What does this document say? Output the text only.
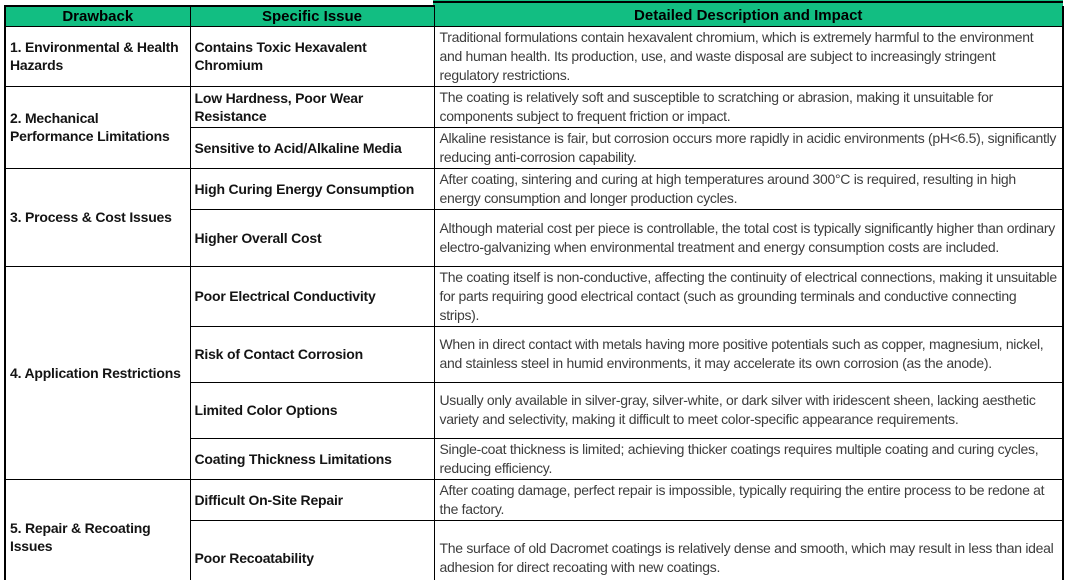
Drawback	Specific Issue	Detailed Description and Impact
1. Environmental & Health Hazards	Contains Toxic Hexavalent Chromium	Traditional formulations contain hexavalent chromium, which is extremely harmful to the environment and human health. Its production, use, and waste disposal are subject to increasingly stringent regulatory restrictions.
2. Mechanical Performance Limitations	Low Hardness, Poor Wear Resistance	The coating is relatively soft and susceptible to scratching or abrasion, making it unsuitable for components subject to frequent friction or impact.
	Sensitive to Acid/Alkaline Media	Alkaline resistance is fair, but corrosion occurs more rapidly in acidic environments (pH<6.5), significantly reducing anti-corrosion capability.
3. Process & Cost Issues	High Curing Energy Consumption	After coating, sintering and curing at high temperatures around 300°C is required, resulting in high energy consumption and longer production cycles.
	Higher Overall Cost	Although material cost per piece is controllable, the total cost is typically significantly higher than ordinary electro-galvanizing when environmental treatment and energy consumption costs are included.
4. Application Restrictions	Poor Electrical Conductivity	The coating itself is non-conductive, affecting the continuity of electrical connections, making it unsuitable for parts requiring good electrical contact (such as grounding terminals and conductive connecting strips).
	Risk of Contact Corrosion	When in direct contact with metals having more positive potentials such as copper, magnesium, nickel, and stainless steel in humid environments, it may accelerate its own corrosion (as the anode).
	Limited Color Options	Usually only available in silver-gray, silver-white, or dark silver with iridescent sheen, lacking aesthetic variety and selectivity, making it difficult to meet color-specific appearance requirements.
	Coating Thickness Limitations	Single-coat thickness is limited; achieving thicker coatings requires multiple coating and curing cycles, reducing efficiency.
5. Repair & Recoating Issues	Difficult On-Site Repair	After coating damage, perfect repair is impossible, typically requiring the entire process to be redone at the factory.
	Poor Recoatability	The surface of old Dacromet coatings is relatively dense and smooth, which may result in less than ideal adhesion for direct recoating with new coatings.
